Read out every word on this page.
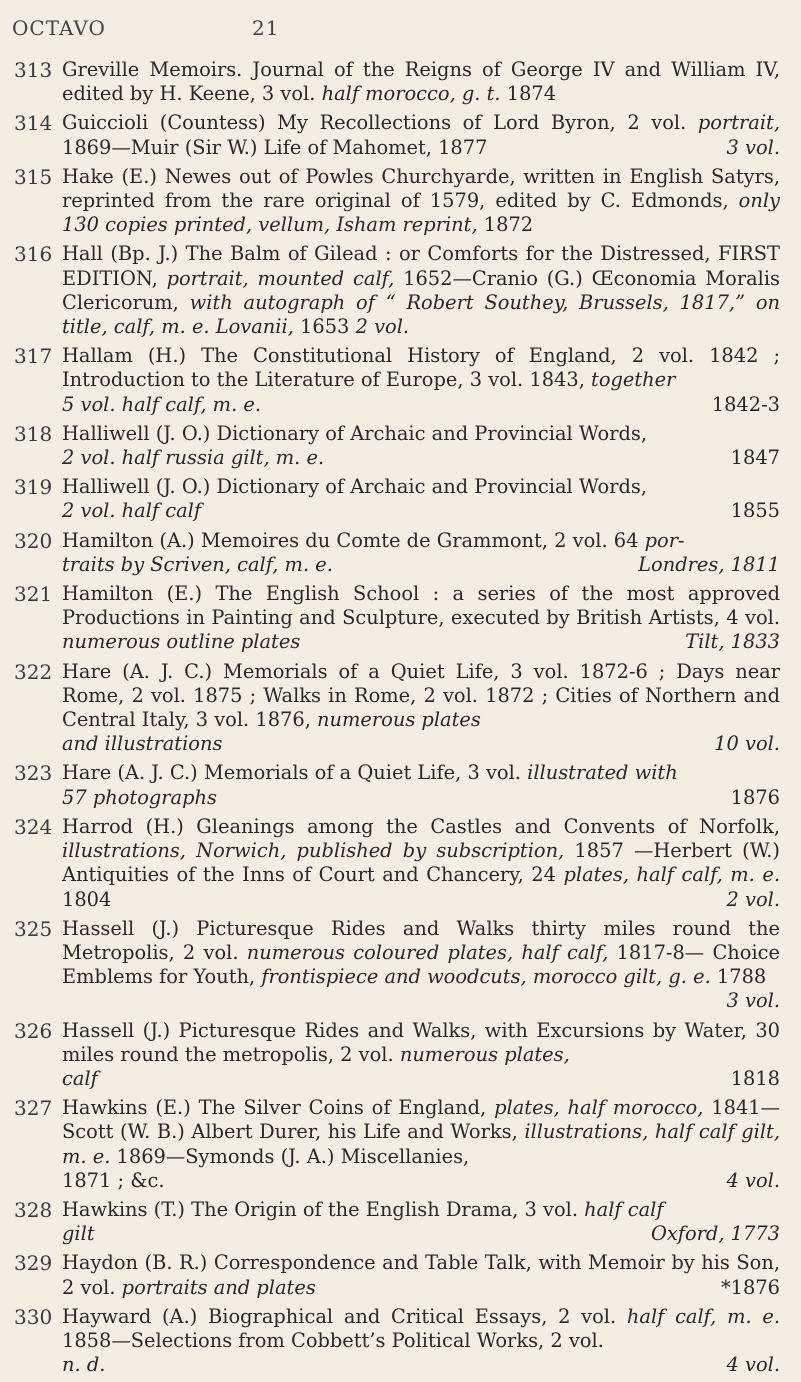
OCTAVO	21
313 Greville Memoirs. Journal of the Reigns of George IV and William IV, edited by H. Keene, 3 vol. half morocco, g. t. 1874
314 Guiccioli (Countess) My Recollections of Lord Byron, 2 vol. portrait, 1869—Muir (Sir W.) Life of Mahomet, 1877	3 vol.
315 Hake (E.) Newes out of Powles Churchyarde, written in English Satyrs, reprinted from the rare original of 1579, edited by C. Edmonds, only 130 copies printed, vellum, Isham reprint, 1872
316 Hall (Bp. J.) The Balm of Gilead : or Comforts for the Distressed, FIRST EDITION, portrait, mounted calf, 1652—Cranio (G.) Œconomia Moralis Clericorum, with autograph of “ Robert Southey, Brussels, 1817,” on title, calf, m. e. Lovanii, 1653 2 vol.
317 Hallam (H.) The Constitutional History of England, 2 vol. 1842 ; Introduction to the Literature of Europe, 3 vol. 1843, together
5 vol. half calf, m. e.	1842-3
318 Halliwell (J. O.) Dictionary of Archaic and Provincial Words,
2 vol. half russia gilt, m. e.	1847
319 Halliwell (J. O.) Dictionary of Archaic and Provincial Words,
2 vol. half calf	1855
320 Hamilton (A.) Memoires du Comte de Grammont, 2 vol. 64 por-
traits by Scriven, calf, m. e.	Londres, 1811
321 Hamilton (E.) The English School : a series of the most approved Productions in Painting and Sculpture, executed by British Artists, 4 vol. numerous outline plates	Tilt, 1833
322 Hare (A. J. C.) Memorials of a Quiet Life, 3 vol. 1872-6 ; Days near Rome, 2 vol. 1875 ; Walks in Rome, 2 vol. 1872 ; Cities of Northern and Central Italy, 3 vol. 1876, numerous plates
and illustrations	10 vol.
323 Hare (A. J. C.) Memorials of a Quiet Life, 3 vol. illustrated with
57 photographs	1876
324 Harrod (H.) Gleanings among the Castles and Convents of Norfolk, illustrations, Norwich, published by subscription, 1857 —Herbert (W.) Antiquities of the Inns of Court and Chancery, 24 plates, half calf, m. e. 1804	2 vol.
325 Hassell (J.) Picturesque Rides and Walks thirty miles round the Metropolis, 2 vol. numerous coloured plates, half calf, 1817-8— Choice Emblems for Youth, frontispiece and woodcuts, morocco gilt, g. e. 1788
3 vol.
326 Hassell (J.) Picturesque Rides and Walks, with Excursions by Water, 30 miles round the metropolis, 2 vol. numerous plates,
calf	1818
327 Hawkins (E.) The Silver Coins of England, plates, half morocco, 1841—Scott (W. B.) Albert Durer, his Life and Works, illustrations, half calf gilt, m. e. 1869—Symonds (J. A.) Miscellanies,
1871 ; &c.	4 vol.
328 Hawkins (T.) The Origin of the English Drama, 3 vol. half calf
gilt	Oxford, 1773
329 Haydon (B. R.) Correspondence and Table Talk, with Memoir by his Son, 2 vol. portraits and plates	*1876
330 Hayward (A.) Biographical and Critical Essays, 2 vol. half calf, m. e. 1858—Selections from Cobbett’s Political Works, 2 vol.
n. d.	4 vol.
